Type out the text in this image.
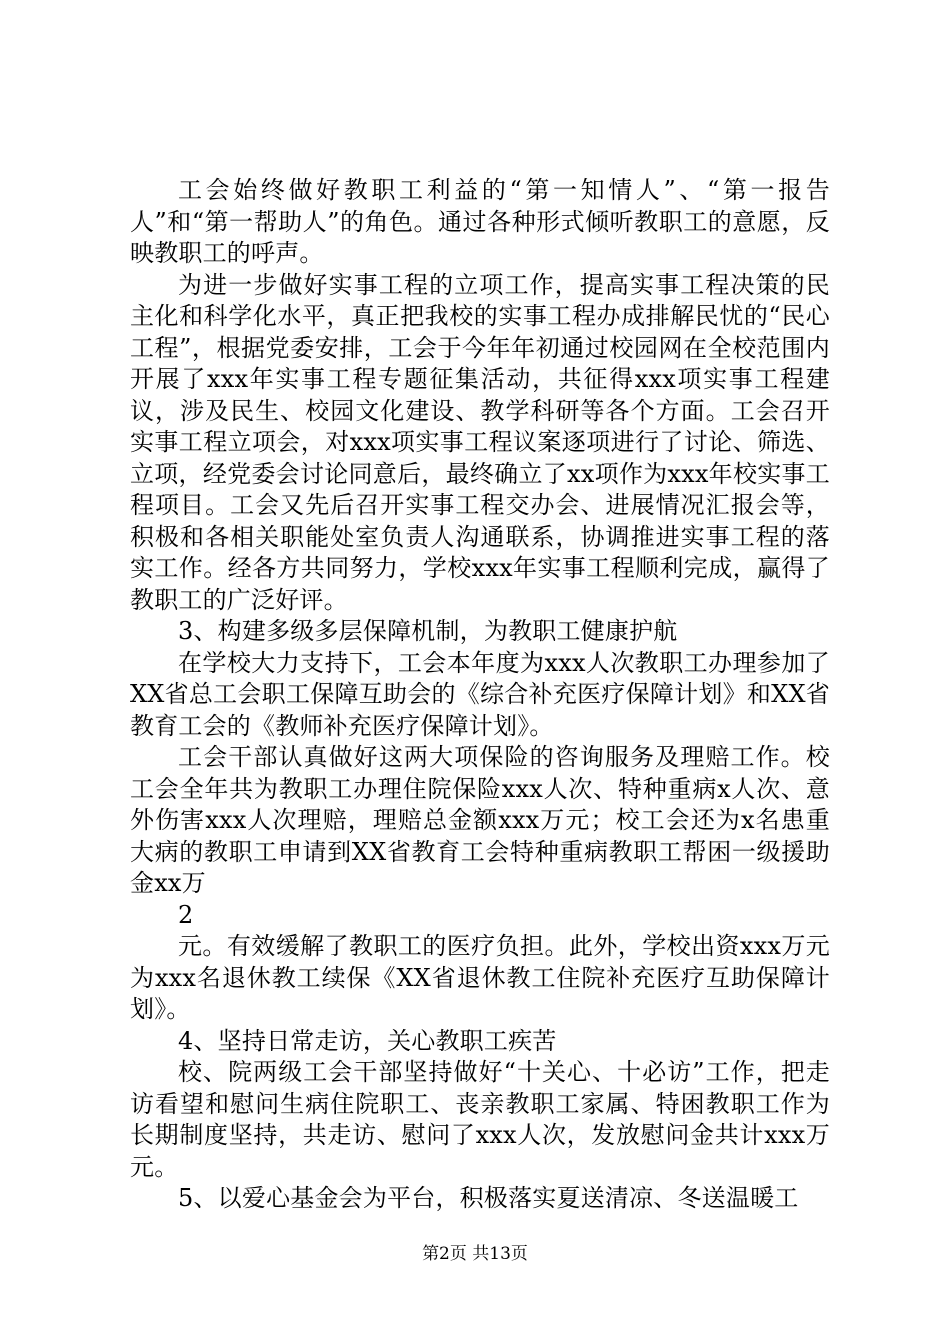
工会始终做好教职工利益的“第一知情人”、“第一报告人”和“第一帮助人”的角色。通过各种形式倾听教职工的意愿，反映教职工的呼声。

为进一步做好实事工程的立项工作，提高实事工程决策的民主化和科学化水平，真正把我校的实事工程办成排解民忧的“民心工程”，根据党委安排，工会于今年年初通过校园网在全校范围内开展了xxx年实事工程专题征集活动，共征得xxx项实事工程建议，涉及民生、校园文化建设、教学科研等各个方面。工会召开实事工程立项会，对xxx项实事工程议案逐项进行了讨论、筛选、立项，经党委会讨论同意后，最终确立了xx项作为xxx年校实事工程项目。工会又先后召开实事工程交办会、进展情况汇报会等，积极和各相关职能处室负责人沟通联系，协调推进实事工程的落实工作。经各方共同努力，学校xxx年实事工程顺利完成，赢得了教职工的广泛好评。

3、构建多级多层保障机制，为教职工健康护航

在学校大力支持下，工会本年度为xxx人次教职工办理参加了XX省总工会职工保障互助会的《综合补充医疗保障计划》和XX省教育工会的《教师补充医疗保障计划》。

工会干部认真做好这两大项保险的咨询服务及理赔工作。校工会全年共为教职工办理住院保险xxx人次、特种重病x人次、意外伤害xxx人次理赔，理赔总金额xxx万元；校工会还为x名患重大病的教职工申请到XX省教育工会特种重病教职工帮困一级援助金xx万

2

元。有效缓解了教职工的医疗负担。此外，学校出资xxx万元为xxx名退休教工续保《XX省退休教工住院补充医疗互助保障计划》。

4、坚持日常走访，关心教职工疾苦

校、院两级工会干部坚持做好“十关心、十必访”工作，把走访看望和慰问生病住院职工、丧亲教职工家属、特困教职工作为长期制度坚持，共走访、慰问了xxx人次，发放慰问金共计xxx万元。

5、以爱心基金会为平台，积极落实夏送清凉、冬送温暖工

第2页 共13页
